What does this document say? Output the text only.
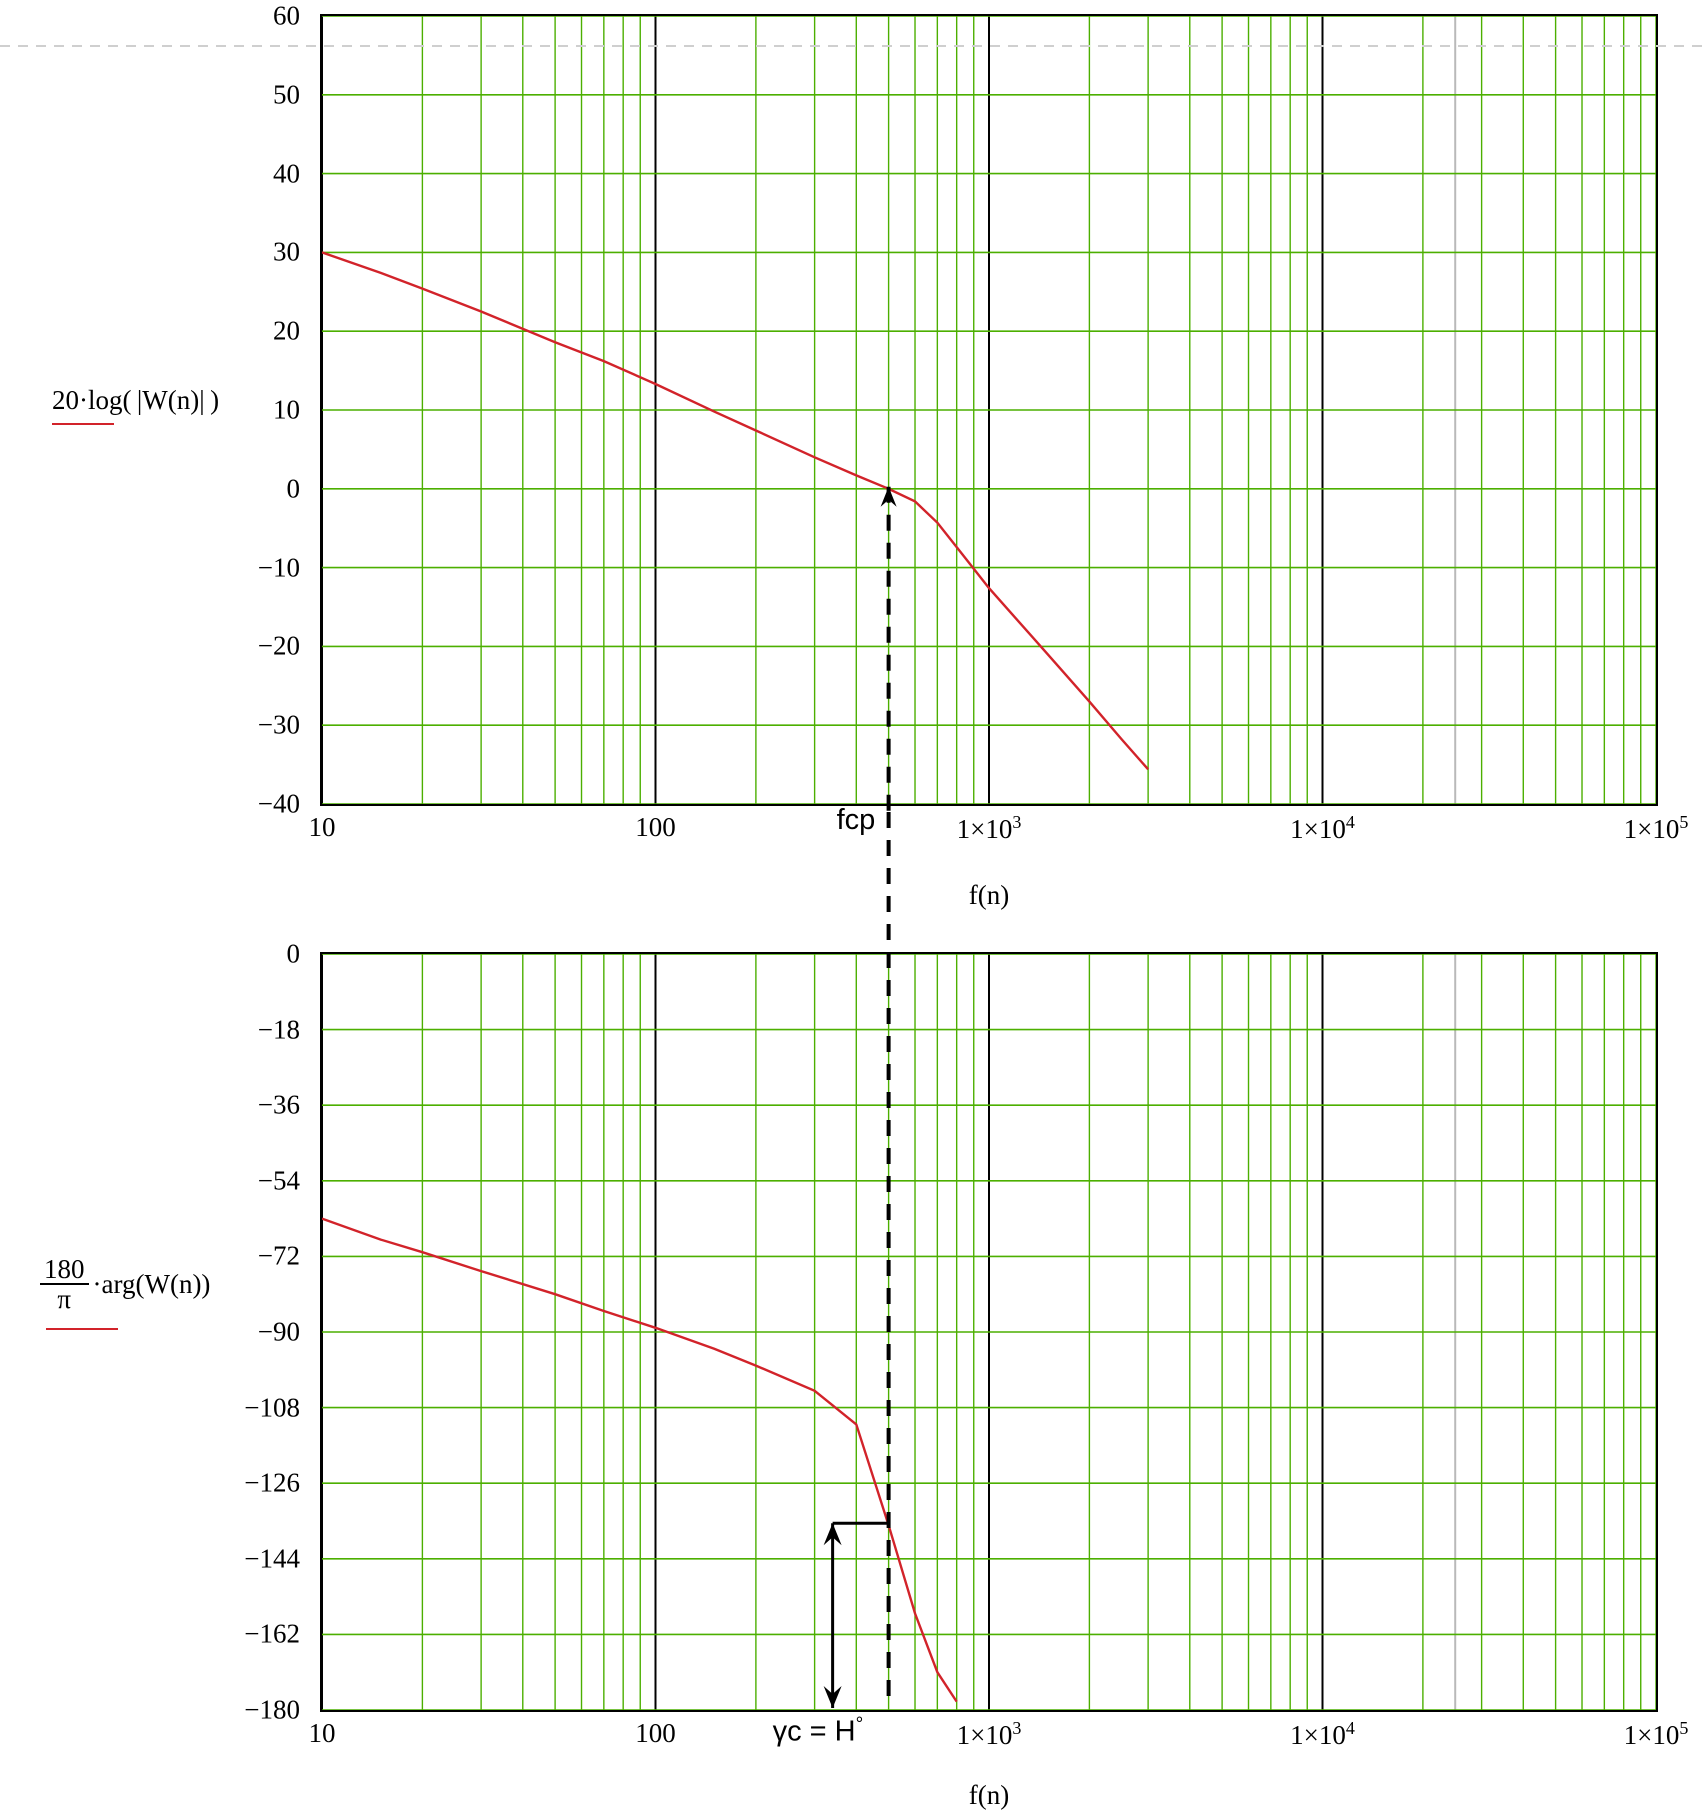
60
50
40
30
20
10
0
−10
−20
−30
−40
10	100	$1\times 10^3$	$1\times 10^4$	$1\times 10^5$
f(n)
20·log( |W(n)| )
0
−18
−36
−54
−72
−90
−108
−126
−144
−162
−180
10	100	$1\times 10^3$	$1\times 10^4$	$1\times 10^5$
f(n)
$\frac{180}{\pi} \cdot arg(W(n))$
fcp
γc = H°
